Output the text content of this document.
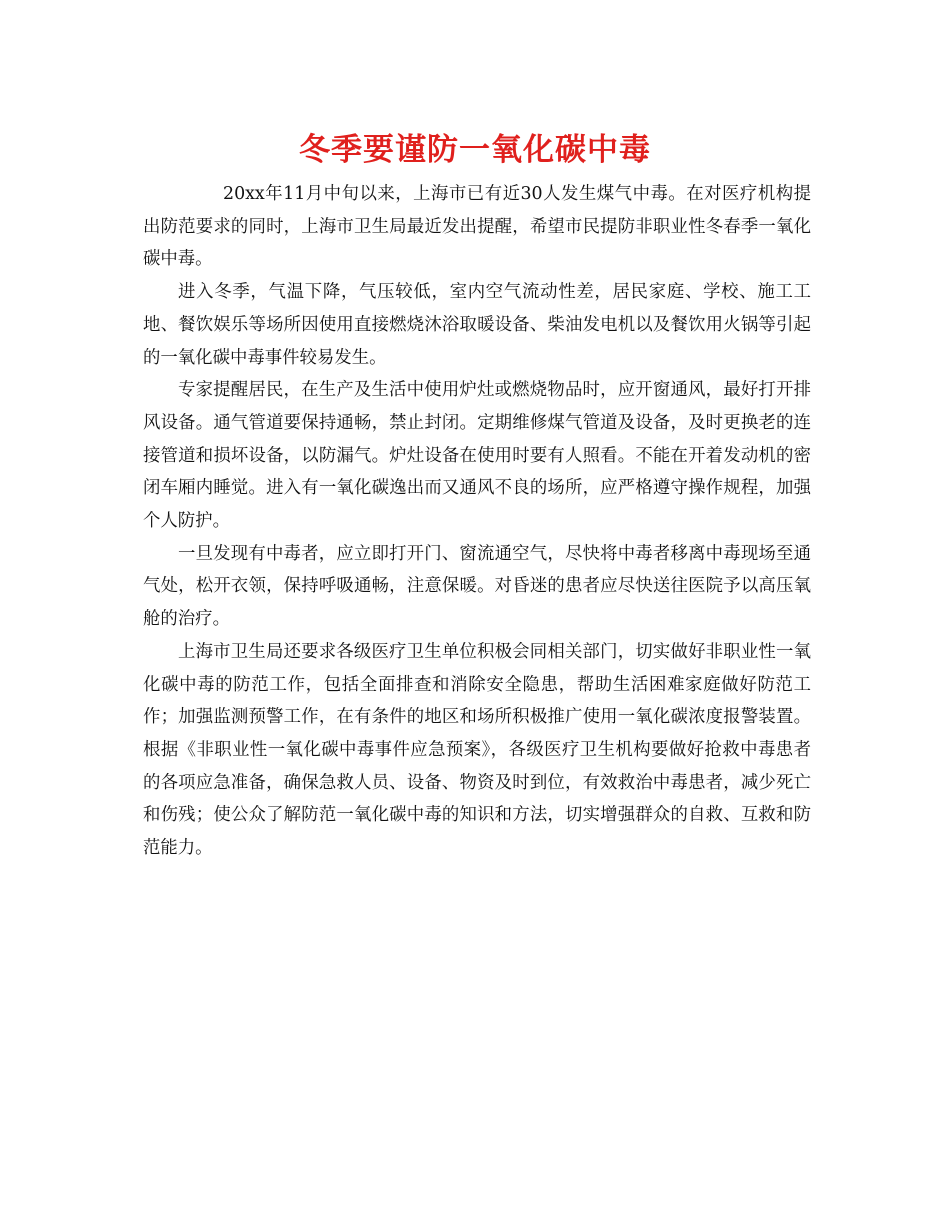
冬季要谨防一氧化碳中毒

20xx年11月中旬以来，上海市已有近30人发生煤气中毒。在对医疗机构提出防范要求的同时，上海市卫生局最近发出提醒，希望市民提防非职业性冬春季一氧化碳中毒。

进入冬季，气温下降，气压较低，室内空气流动性差，居民家庭、学校、施工工地、餐饮娱乐等场所因使用直接燃烧沐浴取暖设备、柴油发电机以及餐饮用火锅等引起的一氧化碳中毒事件较易发生。

专家提醒居民，在生产及生活中使用炉灶或燃烧物品时，应开窗通风，最好打开排风设备。通气管道要保持通畅，禁止封闭。定期维修煤气管道及设备，及时更换老的连接管道和损坏设备，以防漏气。炉灶设备在使用时要有人照看。不能在开着发动机的密闭车厢内睡觉。进入有一氧化碳逸出而又通风不良的场所，应严格遵守操作规程，加强个人防护。

一旦发现有中毒者，应立即打开门、窗流通空气，尽快将中毒者移离中毒现场至通气处，松开衣领，保持呼吸通畅，注意保暖。对昏迷的患者应尽快送往医院予以高压氧舱的治疗。

上海市卫生局还要求各级医疗卫生单位积极会同相关部门，切实做好非职业性一氧化碳中毒的防范工作，包括全面排查和消除安全隐患，帮助生活困难家庭做好防范工作；加强监测预警工作，在有条件的地区和场所积极推广使用一氧化碳浓度报警装置。根据《非职业性一氧化碳中毒事件应急预案》，各级医疗卫生机构要做好抢救中毒患者的各项应急准备，确保急救人员、设备、物资及时到位，有效救治中毒患者，减少死亡和伤残；使公众了解防范一氧化碳中毒的知识和方法，切实增强群众的自救、互救和防范能力。
